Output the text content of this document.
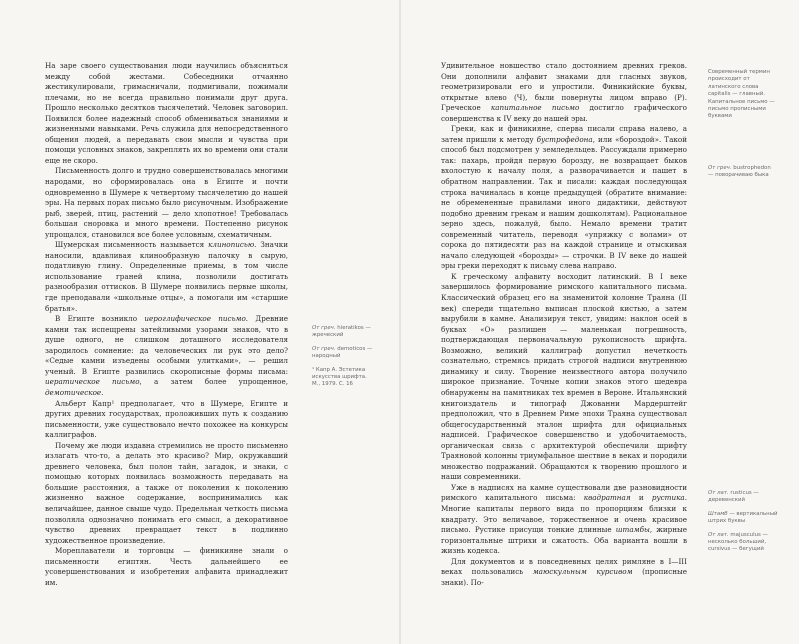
На заре своего существования люди научились объясняться между собой жестами. Собеседники отчаянно жестикулировали, гримасничали, подмигивали, пожимали плечами, но не всегда правильно понимали друг друга. Прошло несколько десятков тысячелетий. Человек заговорил. Появился более надежный способ обмениваться знаниями и жизненными навыками. Речь служила для непосредственного общения людей, а передавать свои мысли и чувства при помощи условных знаков, закреплять их во времени они стали еще не скоро.

Письменность долго и трудно совершенствовалась многими народами, но сформировалась она в Египте и почти одновременно в Шумере к четвертому тысячелетию до нашей эры. На первых порах письмо было рисуночным. Изображение рыб, зверей, птиц, растений — дело хлопотное! Требовалась большая сноровка и много времени. Постепенно рисунок упрощался, становился все более условным, схематичным.

Шумерская письменность называется клинописью. Значки наносили, вдавливая клинообразную палочку в сырую, податливую глину. Определенные приемы, в том числе использование граней клина, позволили достигать разнообразия оттисков. В Шумере появились первые школы, где преподавали «школьные отцы», а помогали им «старшие братья».

В Египте возникло иероглифическое письмо. Древние камни так испещрены затейливыми узорами знаков, что в душе одного, не слишком доташного исследователя зародилось сомнение: да человеческих ли рук это дело? «Седые камни изъедены особыми улитками», — решил ученый. В Египте развились скорописные формы письма: иератическое письмо, а затем более упрощенное, демотическое.

Альберт Капр¹ предполагает, что в Шумере, Египте и других древних государствах, проложивших путь к созданию письменности, уже существовало нечто похожее на конкурсы каллиграфов.

Почему же люди издавна стремились не просто письменно излагать что-то, а делать это красиво? Мир, окружавший древнего человека, был полон тайн, загадок, и знаки, с помощью которых появилась возможность передавать на большие расстояния, а также от поколения к поколению жизненно важное содержание, воспринимались как величайшее, данное свыше чудо. Предельная четкость письма позволяла однозначно понимать его смысл, а декоративное чувство древних превращает текст в подлинно художественное произведение.

Мореплаватели и торговцы — финикияне знали о письменности египтян. Честь дальнейшего ее усовершенствования и изобретения алфавита принадлежит им.

Удивительное новшество стало достоянием древних греков. Они дополнили алфавит знаками для гласных звуков, геометризировали его и упростили. Финикийские буквы, открытые влево (Ч), были повернуты лицом вправо (Р). Греческое капитальное письмо достигло графического совершенства к IV веку до нашей эры.

Греки, как и финикияне, сперва писали справа налево, а затем пришли к методу бустрофедона, или «бороздой». Такой способ был подсмотрен у земледельцев. Рассуждали примерно так: пахарь, пройдя первую борозду, не возвращает быков вхолостую к началу поля, а разворачивается и пашет в обратном направлении. Так и писали: каждая последующая строка начиналась в конце предыдущей (обратите внимание: не обремененные правилами иного дидактики, действуют подобно древним грекам и нашим дошколятам). Рациональное зерно здесь, пожалуй, было. Немало времени тратит современный читатель, переводя «упряжку с волами» от сорока до пятидесяти раз на каждой странице и отыскивая начало следующей «борозды» — строчки. В IV веке до нашей эры греки переходят к письму слева направо.

К греческому алфавиту восходит латинский. В I веке завершилось формирование римского капитального письма. Классический образец его на знаменитой колонне Траяна (II век) спереди тщательно выписан плоской кистью, а затем вырубили в камне. Анализируя текст, увидим: наклон осей в буквах «О» разлишен — маленькая погрешность, подтверждающая первоначальную рукописность шрифта. Возможно, великий каллиграф допустил нечеткость сознательно, стремясь придать строгой надписи внутреннюю динамику и силу. Творение неизвестного автора получило широкое признание. Точные копии знаков этого шедевра обнаружены на памятниках тех времен в Вероне. Итальянский книгоиздатель и типограф Джованни Мардерштейг предположил, что в Древнем Риме эпохи Траяна существовал общегосударственный эталон шрифта для официальных надписей. Графическое совершенство и удобочитаемость, органическая связь с архитектурой обеспечили шрифту Траяновой колонны триумфальное шествие в веках и породили множество подражаний. Обращаются к творению прошлого и наши современники.

Уже в надписях на камне существовали две разновидности римского капитального письма: квадратная и рустика. Многие капиталы первого вида по пропорциям близки к квадрату. Это величавое, торжественное и очень красивое письмо. Рустике присущи тонкие длинные штамбы, жирные горизонтальные штрихи и сжатость. Оба варианта вошли в жизнь кодекса.

Для документов и в повседневных целях римляне в I—III веках пользовались маюскульным курсивом (прописные знаки). По-

От греч. hieratikos — жреческий
От греч. demoticos — народный
¹ Капр А. Эстетика искусства шрифта. М., 1979. С. 16
Современный термин происходит от латинского слова capitalis — главный. Капитальное письмо — письмо прописными буквами
От греч. bustrophedon — поворачиваю быка
От лат. rusticus — деревенский
Штамб — вертикальный штрих буквы
От лат. majusculus — несколько больший, cursivus — бегущий
